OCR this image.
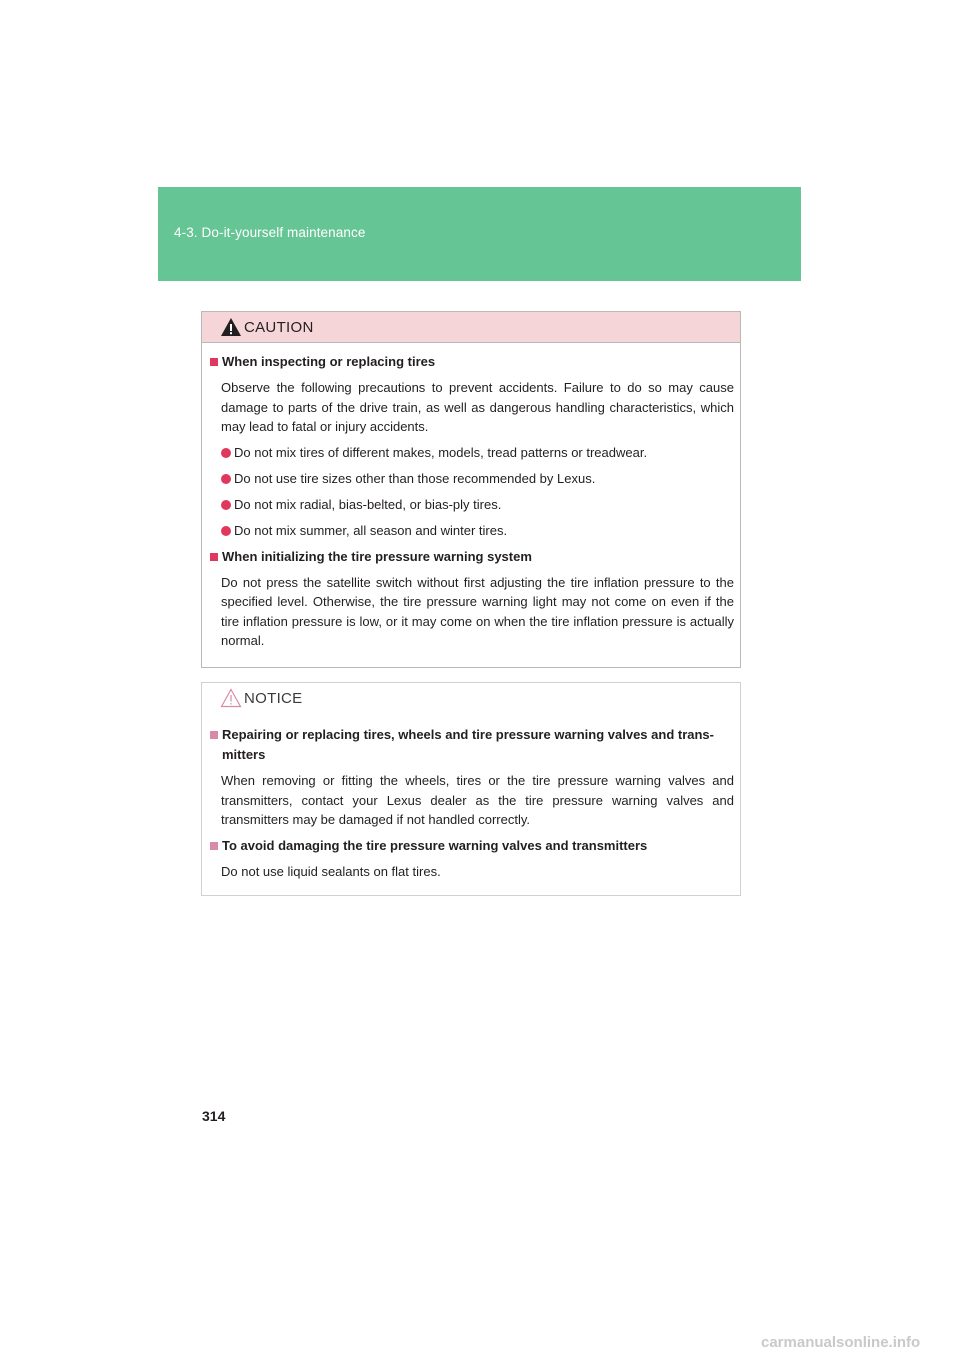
4-3. Do-it-yourself maintenance
CAUTION
When inspecting or replacing tires
Observe the following precautions to prevent accidents. Failure to do so may cause damage to parts of the drive train, as well as dangerous handling characteristics, which may lead to fatal or injury accidents.
Do not mix tires of different makes, models, tread patterns or treadwear.
Do not use tire sizes other than those recommended by Lexus.
Do not mix radial, bias-belted, or bias-ply tires.
Do not mix summer, all season and winter tires.
When initializing the tire pressure warning system
Do not press the satellite switch without first adjusting the tire inflation pressure to the specified level. Otherwise, the tire pressure warning light may not come on even if the tire inflation pressure is low, or it may come on when the tire inflation pressure is actually normal.
NOTICE
Repairing or replacing tires, wheels and tire pressure warning valves and trans-mitters
When removing or fitting the wheels, tires or the tire pressure warning valves and transmitters, contact your Lexus dealer as the tire pressure warning valves and transmitters may be damaged if not handled correctly.
To avoid damaging the tire pressure warning valves and transmitters
Do not use liquid sealants on flat tires.
314
carmanualsonline.info
